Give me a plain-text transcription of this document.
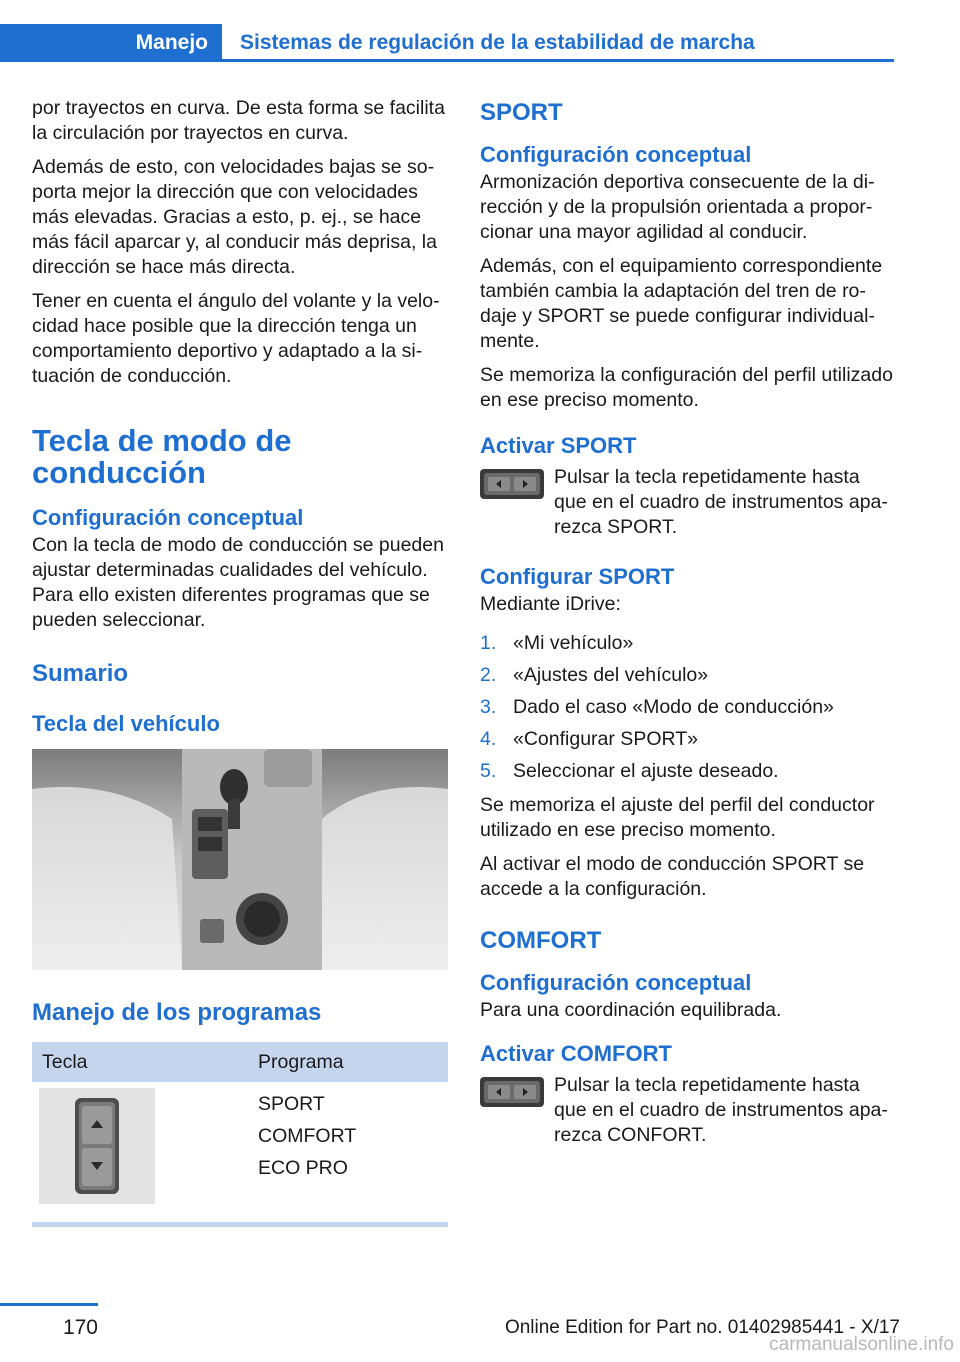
Manejo	Sistemas de regulación de la estabilidad de marcha

por trayectos en curva. De esta forma se facilita la circulación por trayectos en curva.

Además de esto, con velocidades bajas se soporta mejor la dirección que con velocidades más elevadas. Gracias a esto, p. ej., se hace más fácil aparcar y, al conducir más deprisa, la dirección se hace más directa.

Tener en cuenta el ángulo del volante y la velocidad hace posible que la dirección tenga un comportamiento deportivo y adaptado a la situación de conducción.

Tecla de modo de conducción
Configuración conceptual

Con la tecla de modo de conducción se pueden ajustar determinadas cualidades del vehículo. Para ello existen diferentes programas que se pueden seleccionar.

Sumario
Tecla del vehículo
Manejo de los programas
Tecla	Programa

SPORT
COMFORT
ECO PRO
SPORT
Configuración conceptual

Armonización deportiva consecuente de la dirección y de la propulsión orientada a proporcionar una mayor agilidad al conducir.

Además, con el equipamiento correspondiente también cambia la adaptación del tren de rodaje y SPORT se puede configurar individualmente.

Se memoriza la configuración del perfil utilizado en ese preciso momento.

Activar SPORT

Pulsar la tecla repetidamente hasta que en el cuadro de instrumentos aparezca SPORT.

Configurar SPORT

Mediante iDrive:

1. «Mi vehículo»
2. «Ajustes del vehículo»
3. Dado el caso «Modo de conducción»
4. «Configurar SPORT»
5. Seleccionar el ajuste deseado.

Se memoriza el ajuste del perfil del conductor utilizado en ese preciso momento.

Al activar el modo de conducción SPORT se accede a la configuración.

COMFORT
Configuración conceptual

Para una coordinación equilibrada.

Activar COMFORT

Pulsar la tecla repetidamente hasta que en el cuadro de instrumentos aparezca CONFORT.

170	Online Edition for Part no. 01402985441 - X/17
carmanualsonline.info
